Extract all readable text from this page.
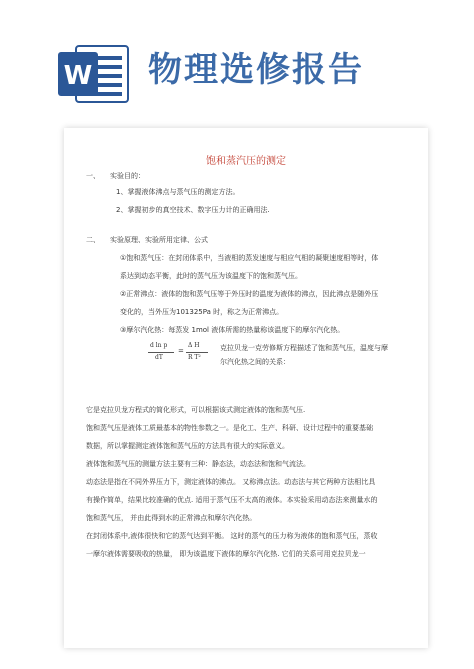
W 物理选修报告
饱和蒸汽压的测定
一、 实验目的：
1、掌握液体沸点与蒸气压的测定方法。
2、掌握初步的真空技术、数字压力计的正确用法.
二、 实验原理、实验所用定律、公式
①饱和蒸气压：在封闭体系中，当液相的蒸发速度与相应气相的凝聚速度相等时，体
系达到动态平衡，此时的蒸气压为该温度下的饱和蒸气压。
②正常沸点：液体的饱和蒸气压等于外压时的温度为液体的沸点，因此沸点是随外压
变化的，当外压为101325Pa 时，称之为正常沸点。
③摩尔汽化热：每蒸发 1mol 液体所需的热量称该温度下的摩尔汽化热。
d ln p
dT
=
Δ H
R T²
克拉贝龙一克劳修斯方程描述了饱和蒸气压，温度与摩
尔汽化热之间的关系：
它是克拉贝龙方程式的简化形式，可以根据该式测定液体的饱和蒸气压.
饱和蒸气压是液体工质最基本的物性参数之一。是化工、生产、科研、设计过程中的重要基础
数据，所以掌握测定液体饱和蒸气压的方法具有很大的实际意义。
液体饱和蒸气压的测量方法主要有三种：静态法，动态法和饱和气流法。
动态法是指在不同外界压力下，测定液体的沸点。 又称沸点法。动态法与其它两种方法相比具
有操作简单，结果比较准确的优点. 适用于蒸气压不太高的液体。本实验采用动态法来测量水的
饱和蒸气压， 并由此得到水的正常沸点和摩尔汽化热。
在封闭体系中,液体很快和它的蒸气达到平衡。 这时的蒸气的压力称为液体的饱和蒸气压，蒸收
一摩尔液体需要吸收的热量， 即为该温度下液体的摩尔汽化热. 它们的关系可用克拉贝龙一
